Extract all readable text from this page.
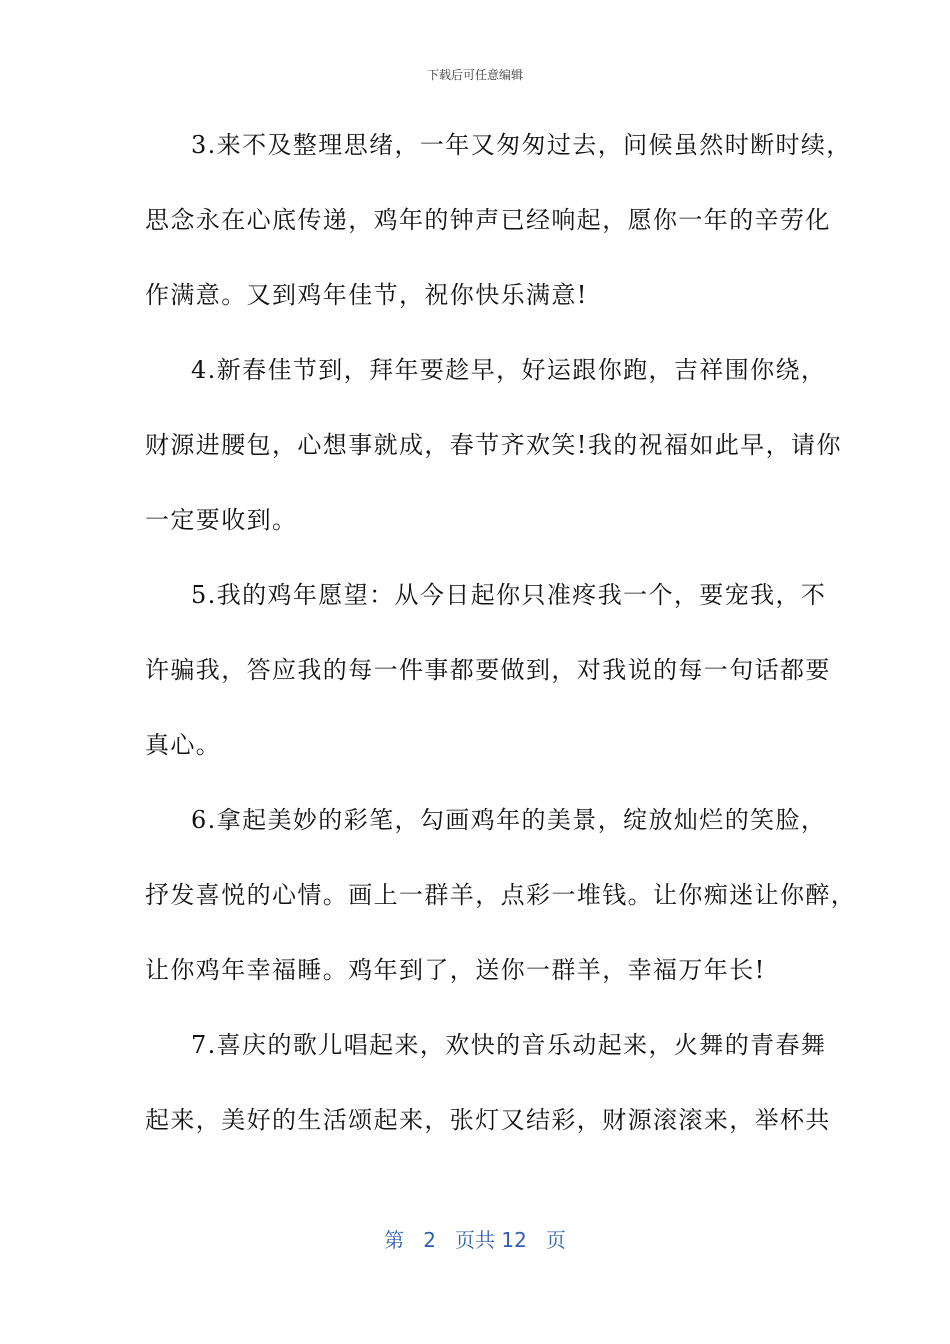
下载后可任意编辑
3.来不及整理思绪，一年又匆匆过去，问候虽然时断时续，
思念永在心底传递，鸡年的钟声已经响起，愿你一年的辛劳化
作满意。又到鸡年佳节，祝你快乐满意!
4.新春佳节到，拜年要趁早，好运跟你跑，吉祥围你绕，
财源进腰包，心想事就成，春节齐欢笑!我的祝福如此早，请你
一定要收到。
5.我的鸡年愿望：从今日起你只准疼我一个，要宠我，不
许骗我，答应我的每一件事都要做到，对我说的每一句话都要
真心。
6.拿起美妙的彩笔，勾画鸡年的美景，绽放灿烂的笑脸，
抒发喜悦的心情。画上一群羊，点彩一堆钱。让你痴迷让你醉，
让你鸡年幸福睡。鸡年到了，送你一群羊，幸福万年长!
7.喜庆的歌儿唱起来，欢快的音乐动起来，火舞的青春舞
起来，美好的生活颂起来，张灯又结彩，财源滚滚来，举杯共
第 2 页共 12 页
